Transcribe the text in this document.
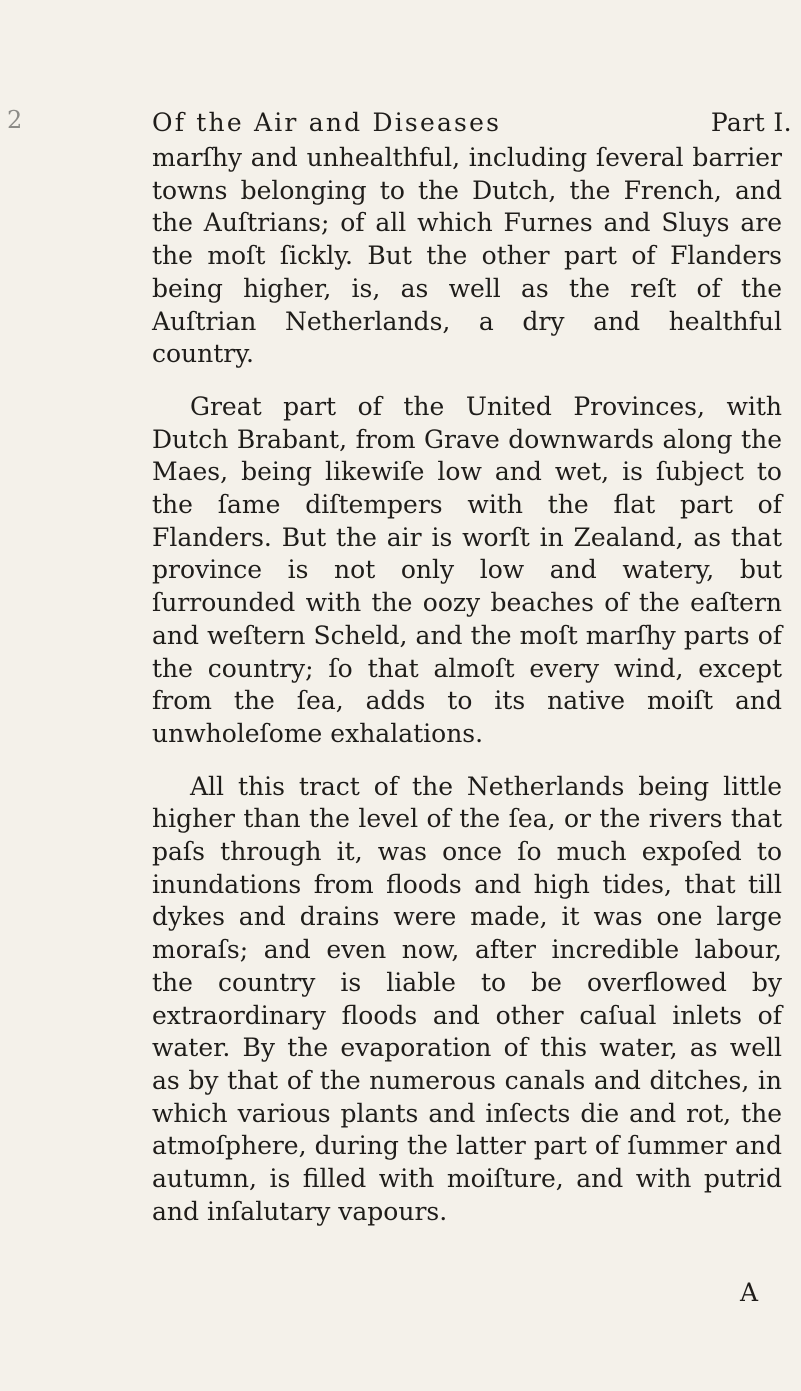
2	Of the Air and Diseases	Part I.

marſhy and unhealthful, including ſeveral barrier towns belonging to the Dutch, the French, and the Auſtrians; of all which Furnes and Sluys are the moſt ſickly. But the other part of Flanders being higher, is, as well as the reſt of the Auſtrian Netherlands, a dry and healthful country.

Great part of the United Provinces, with Dutch Brabant, from Grave downwards along the Maes, being likewiſe low and wet, is ſubject to the ſame diſtempers with the flat part of Flanders. But the air is worſt in Zealand, as that province is not only low and watery, but ſurrounded with the oozy beaches of the eaſtern and weſtern Scheld, and the moſt marſhy parts of the country; ſo that almoſt every wind, except from the ſea, adds to its native moiſt and unwholeſome exhalations.

All this tract of the Netherlands being little higher than the level of the ſea, or the rivers that paſs through it, was once ſo much expoſed to inundations from floods and high tides, that till dykes and drains were made, it was one large moraſs; and even now, after incredible labour, the country is liable to be overflowed by extraordinary floods and other caſual inlets of water. By the evaporation of this water, as well as by that of the numerous canals and ditches, in which various plants and inſects die and rot, the atmoſphere, during the latter part of ſummer and autumn, is filled with moiſture, and with putrid and inſalutary vapours.

A
